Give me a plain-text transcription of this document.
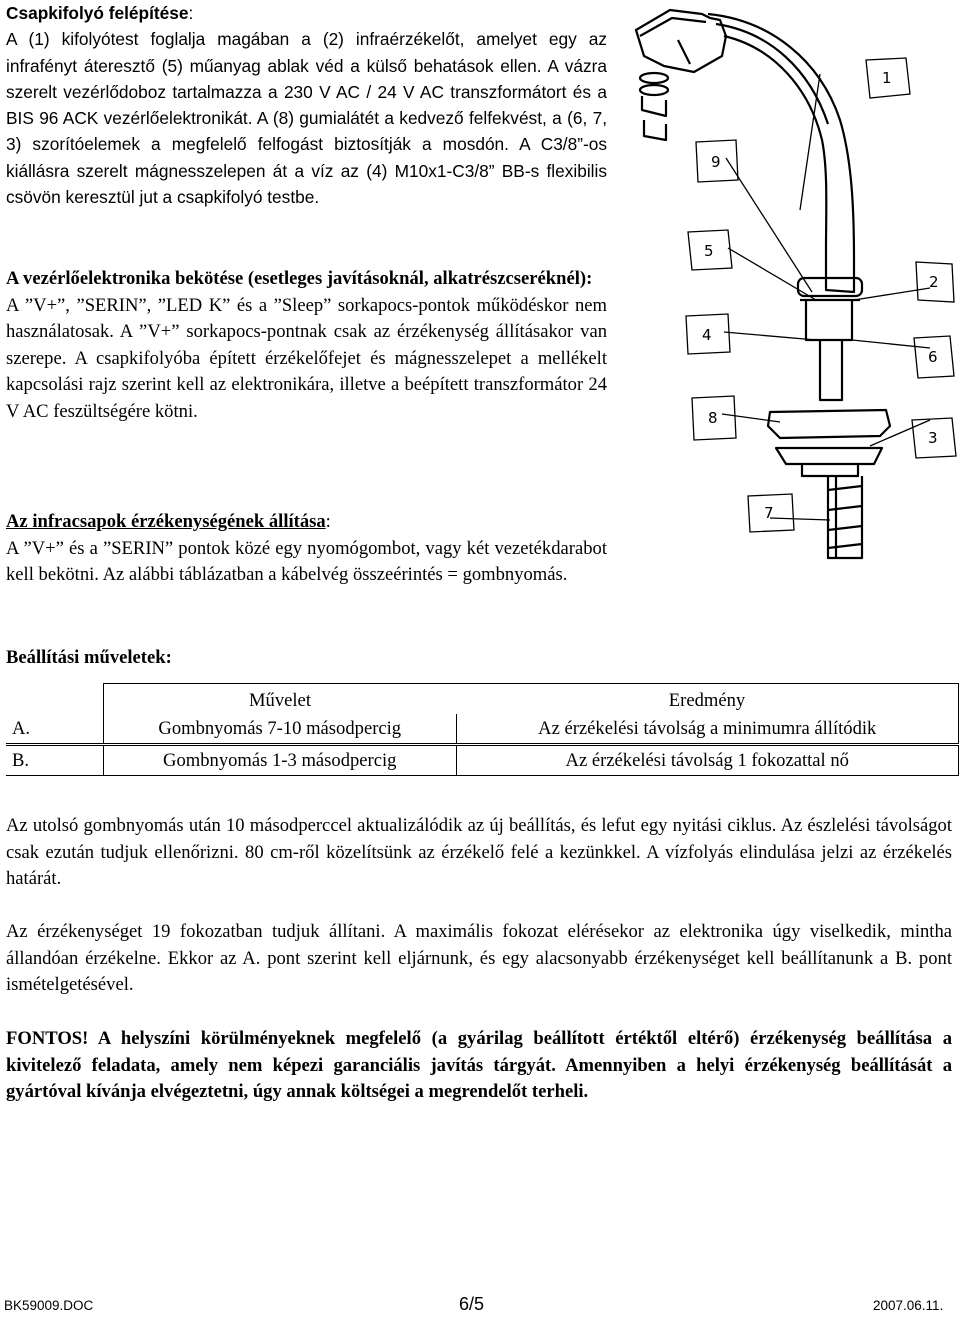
Csapkifolyó felépítése:
A (1) kifolyótest foglalja magában a (2) infraérzékelőt, amelyet egy az infrafényt áteresztő (5) műanyag ablak véd a külső behatások ellen. A vázra szerelt vezérlődoboz tartalmazza a 230 V AC / 24 V AC transzformátort és a BIS 96 ACK vezérlőelektronikát. A (8) gumialátét a kedvező felfekvést, a (6, 7, 3) szorítóelemek a megfelelő felfogást biztosítják a mosdón. A C3/8”-os kiállásra szerelt mágnesszelepen át a víz az (4) M10x1-C3/8” BB-s flexibilis csövön keresztül jut a csapkifolyó testbe.

A vezérlőelektronika bekötése (esetleges javításoknál, alkatrészcseréknél):
A ”V+”, ”SERIN”, ”LED K” és a ”Sleep” sorkapocs-pontok működéskor nem használatosak. A ”V+” sorkapocs-pontnak csak az érzékenység állításakor van szerepe. A csapkifolyóba épített érzékelőfejet és mágnesszelepet a mellékelt kapcsolási rajz szerint kell az elektronikára, illetve a beépített transzformátor 24 V AC feszültségére kötni.

Az infracsapok érzékenységének állítása:
A ”V+” és a ”SERIN” pontok közé egy nyomógombot, vagy két vezetékdarabot kell bekötni. Az alábbi táblázatban a kábelvég összeérintés = gombnyomás.

Beállítási műveletek:
	Művelet	Eredmény
A.	Gombnyomás 7-10 másodpercig	Az érzékelési távolság a minimumra állítódik
B.	Gombnyomás 1-3 másodpercig	Az érzékelési távolság 1 fokozattal nő

Az utolsó gombnyomás után 10 másodperccel aktualizálódik az új beállítás, és lefut egy nyitási ciklus. Az észlelési távolságot csak ezután tudjuk ellenőrizni. 80 cm-ről közelítsünk az érzékelő felé a kezünkkel. A vízfolyás elindulása jelzi az érzékelés határát.

Az érzékenységet 19 fokozatban tudjuk állítani. A maximális fokozat elérésekor az elektronika úgy viselkedik, mintha állandóan érzékelne. Ekkor az A. pont szerint kell eljárnunk, és egy alacsonyabb érzékenységet kell beállítanunk a B. pont ismételgetésével.

FONTOS! A helyszíni körülményeknek megfelelő (a gyárilag beállított értéktől eltérő) érzékenység beállítása a kivitelező feladata, amely nem képezi garanciális javítás tárgyát. Amennyiben a helyi érzékenység beállítását a gyártóval kívánja elvégeztetni, úgy annak költségei a megrendelőt terheli.

BK59009.DOC	6/5	2007.06.11.
1
9
5
2
4
6
8
3
7
